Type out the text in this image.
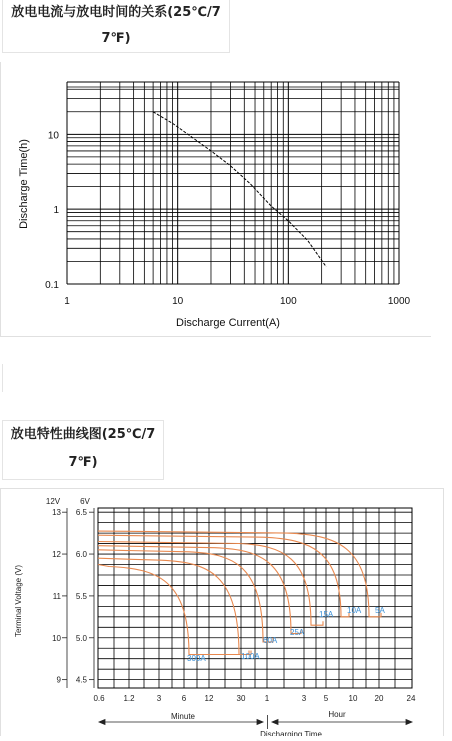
放电电流与放电时间的关系(25℃/7
7℉)
1	10	100	1000
0.1
1
10
Discharge Current(A)
Discharge Time(h)
放电特性曲线图(25℃/7
7℉)
300A	100A
60A
25A
15A 10A 5A
13
12
11
10
9
6.5
6.0
5.5
5.0
4.5
0.6 1.2	3	6 12	30 1	3 5	10 20	24
12V 6V
Terminal Voltage (V)
Minute	Hour
Discharging Time
